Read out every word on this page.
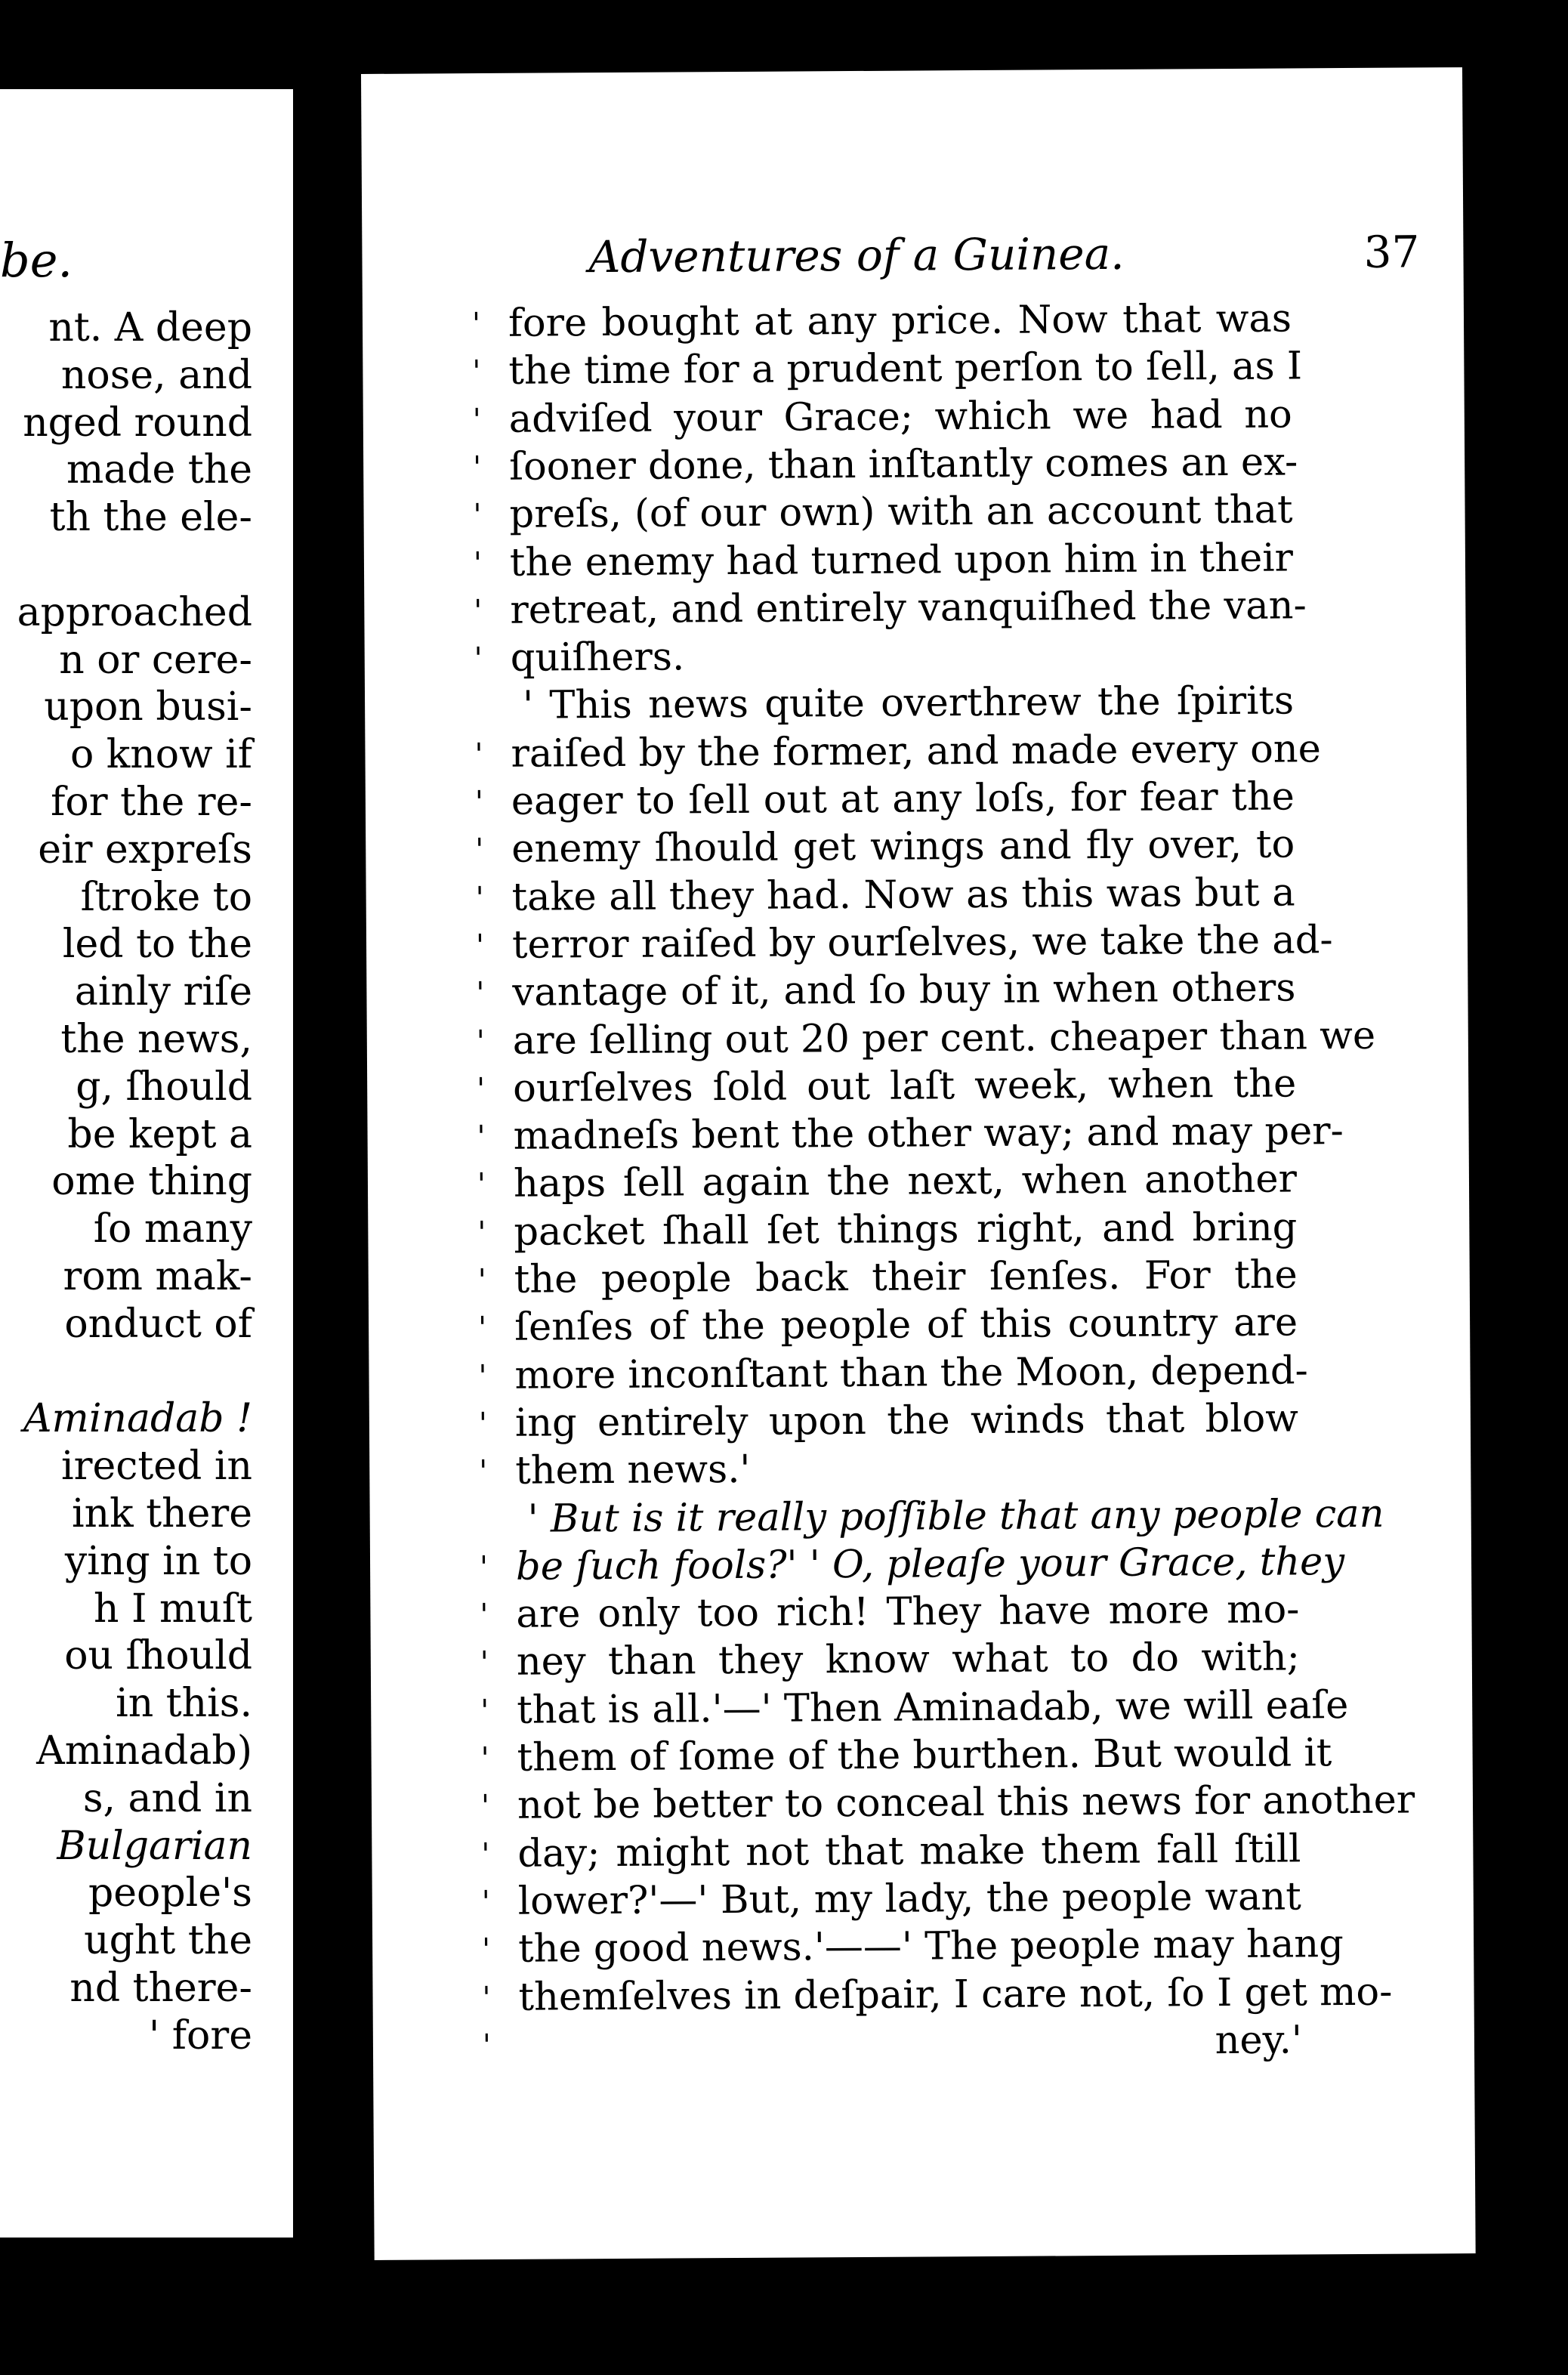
be.
nt. A deep
nose, and
nged round
made the
th the ele-
approached
n or cere-
upon busi-
o know if
for the re-
eir expreſs
ſtroke to
led to the
ainly riſe
the news,
g, ſhould
be kept a
ome thing
ſo many
rom mak-
onduct of
Aminadab !
irected in
ink there
ying in to
h I muſt
ou ſhould
in this.
Aminadab)
s, and in
Bulgarian
people's
ught the
nd there-
' fore
Adventures of a Guinea.	37
' fore bought at any price. Now that was
' the time for a prudent perſon to ſell, as I
' adviſed your Grace; which we had no
' ſooner done, than inſtantly comes an ex-
' preſs, (of our own) with an account that
' the enemy had turned upon him in their
' retreat, and entirely vanquiſhed the van-
' quiſhers.
' This news quite overthrew the ſpirits
' raiſed by the former, and made every one
' eager to ſell out at any loſs, for fear the
' enemy ſhould get wings and fly over, to
' take all they had. Now as this was but a
' terror raiſed by ourſelves, we take the ad-
' vantage of it, and ſo buy in when others
' are ſelling out 20 per cent. cheaper than we
' ourſelves ſold out laſt week, when the
' madneſs bent the other way; and may per-
' haps ſell again the next, when another
' packet ſhall ſet things right, and bring
' the people back their ſenſes. For the
' ſenſes of the people of this country are
' more inconſtant than the Moon, depend-
' ing entirely upon the winds that blow
' them news.'
' But is it really poſſible that any people can
' be ſuch fools?' ' O, pleaſe your Grace, they
' are only too rich! They have more mo-
' ney than they know what to do with;
' that is all.'—' Then Aminadab, we will eaſe
' them of ſome of the burthen. But would it
' not be better to conceal this news for another
' day; might not that make them fall ſtill
' lower?'—' But, my lady, the people want
' the good news.'——' The people may hang
' themſelves in deſpair, I care not, ſo I get mo-
'	ney.'
